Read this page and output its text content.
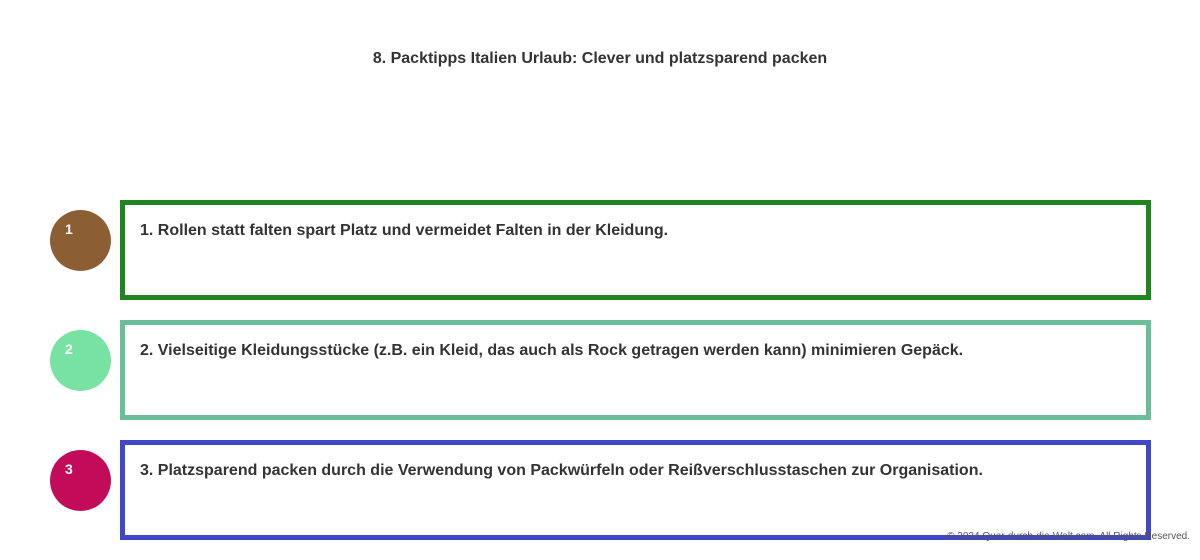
8. Packtipps Italien Urlaub: Clever und platzsparend packen
1	1. Rollen statt falten spart Platz und vermeidet Falten in der Kleidung.
2	2. Vielseitige Kleidungsstücke (z.B. ein Kleid, das auch als Rock getragen werden kann) minimieren Gepäck.
3	3. Platzsparend packen durch die Verwendung von Packwürfeln oder Reißverschlusstaschen zur Organisation.
© 2024 Quer-durch-die-Welt.com. All Rights Reserved.
